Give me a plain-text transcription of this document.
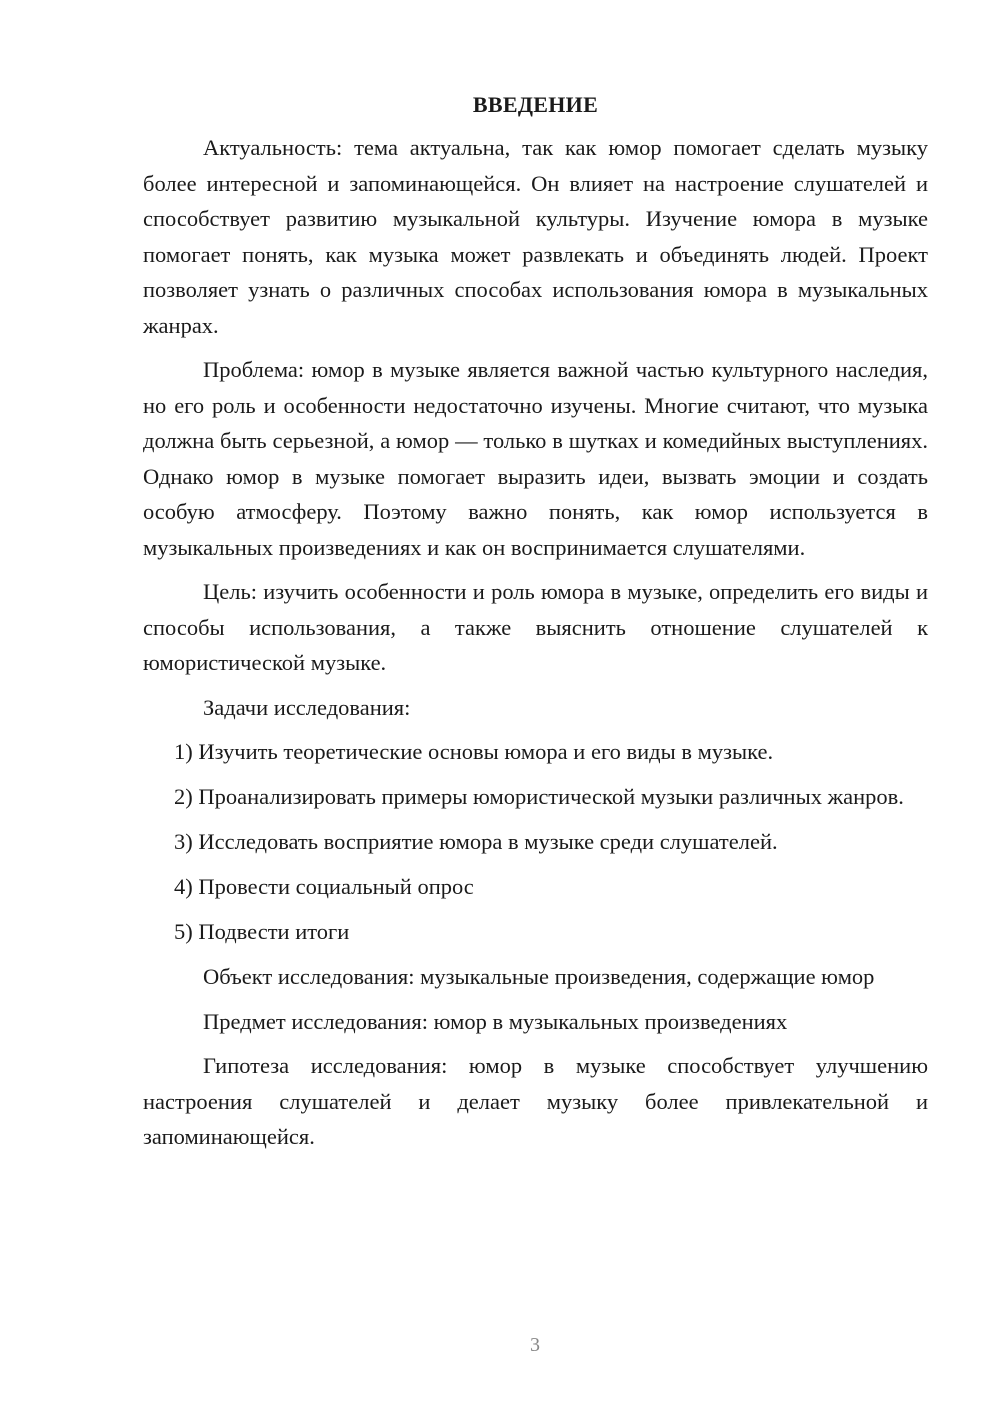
ВВЕДЕНИЕ

Актуальность: тема актуальна, так как юмор помогает сделать музыку более интересной и запоминающейся. Он влияет на настроение слушателей и способствует развитию музыкальной культуры. Изучение юмора в музыке помогает понять, как музыка может развлекать и объединять людей. Проект позволяет узнать о различных способах использования юмора в музыкальных жанрах.

Проблема: юмор в музыке является важной частью культурного наследия, но его роль и особенности недостаточно изучены. Многие считают, что музыка должна быть серьезной, а юмор — только в шутках и комедийных выступлениях. Однако юмор в музыке помогает выразить идеи, вызвать эмоции и создать особую атмосферу. Поэтому важно понять, как юмор используется в музыкальных произведениях и как он воспринимается слушателями.

Цель: изучить особенности и роль юмора в музыке, определить его виды и способы использования, а также выяснить отношение слушателей к юмористической музыке.

Задачи исследования:

1) Изучить теоретические основы юмора и его виды в музыке.

2) Проанализировать примеры юмористической музыки различных жанров.

3) Исследовать восприятие юмора в музыке среди слушателей.

4) Провести социальный опрос

5) Подвести итоги

Объект исследования: музыкальные произведения, содержащие юмор

Предмет исследования: юмор в музыкальных произведениях

Гипотеза исследования: юмор в музыке способствует улучшению настроения слушателей и делает музыку более привлекательной и запоминающейся.

3
